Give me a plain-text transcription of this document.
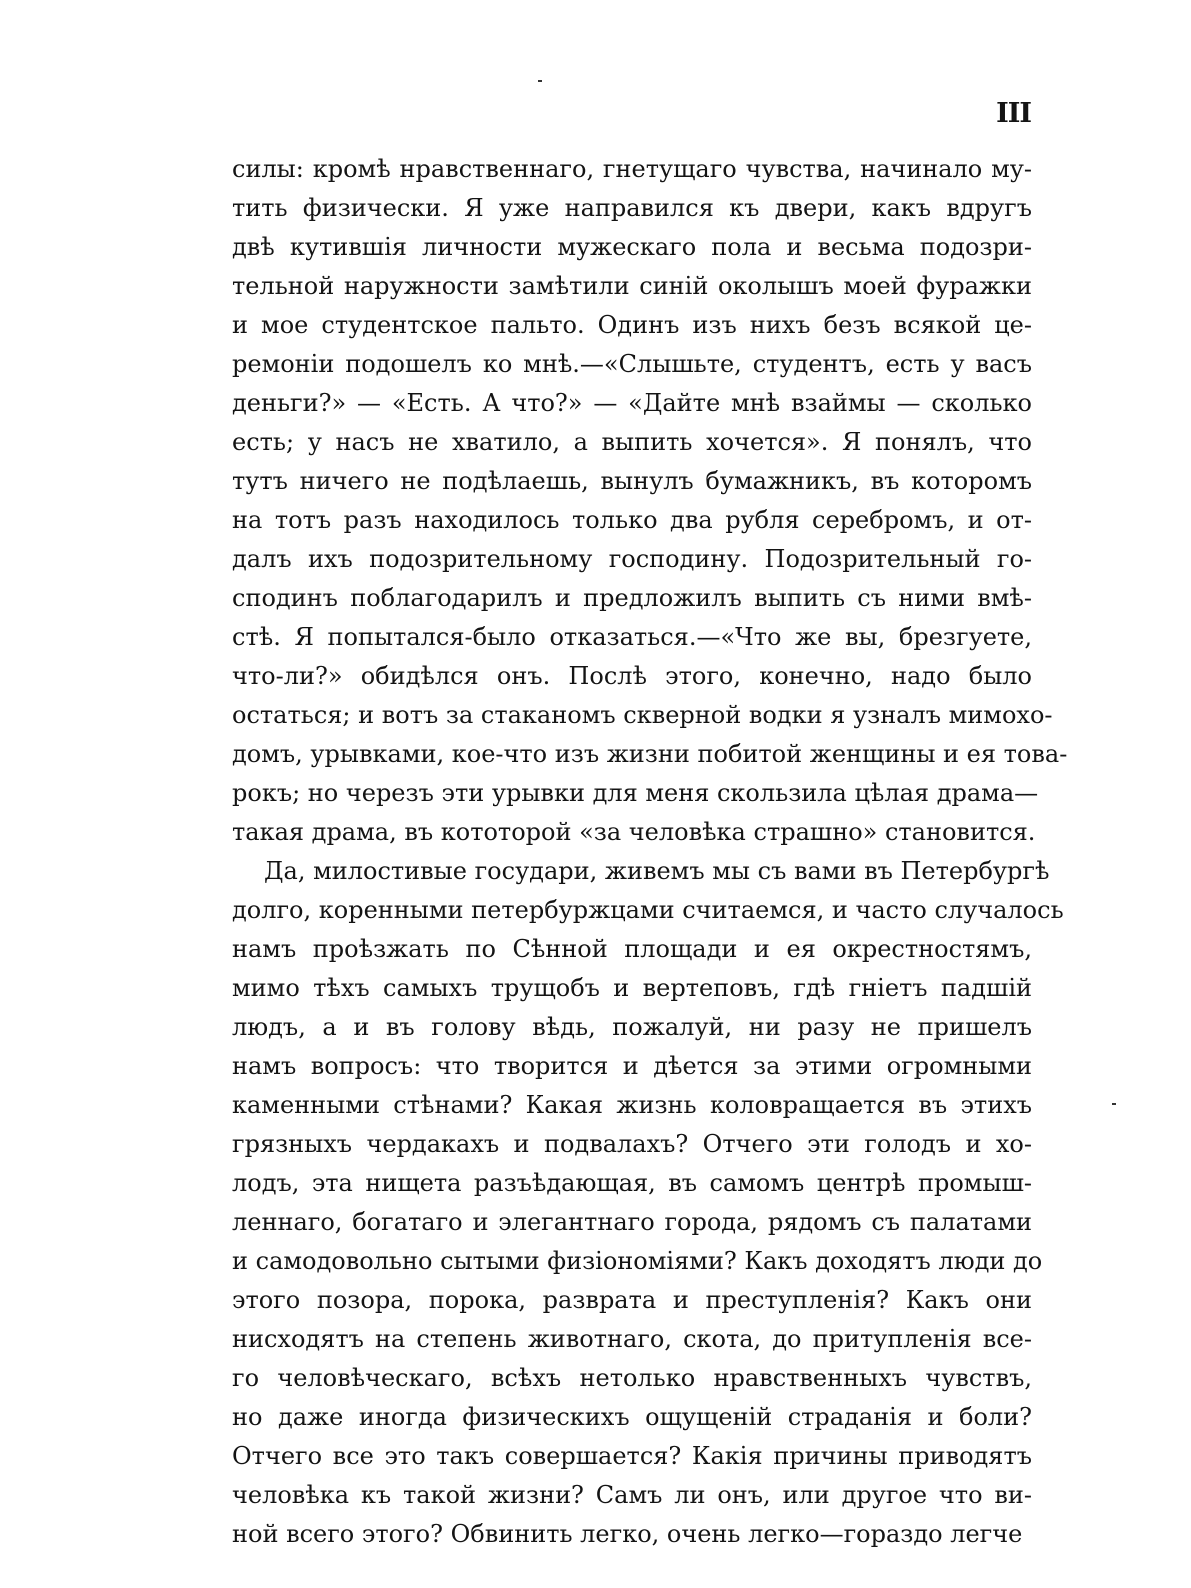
III
силы: кромѣ нравственнаго, гнетущаго чувства, начинало му-
тить физически. Я уже направился къ двери, какъ вдругъ
двѣ кутившія личности мужескаго пола и весьма подозри-
тельной наружности замѣтили синій околышъ моей фуражки
и мое студентское пальто. Одинъ изъ нихъ безъ всякой це-
ремоніи подошелъ ко мнѣ.—«Слышьте, студентъ, есть у васъ
деньги?» — «Есть. А что?» — «Дайте мнѣ взаймы — сколько
есть; у насъ не хватило, а выпить хочется». Я понялъ, что
тутъ ничего не подѣлаешь, вынулъ бумажникъ, въ которомъ
на тотъ разъ находилось только два рубля серебромъ, и от-
далъ ихъ подозрительному господину. Подозрительный го-
сподинъ поблагодарилъ и предложилъ выпить съ ними вмѣ-
стѣ. Я попытался-было отказаться.—«Что же вы, брезгуете,
что-ли?» обидѣлся онъ. Послѣ этого, конечно, надо было
остаться; и вотъ за стаканомъ скверной водки я узналъ мимохо-
домъ, урывками, кое-что изъ жизни побитой женщины и ея това-
рокъ; но черезъ эти урывки для меня скользила цѣлая драма—
такая драма, въ кототорой «за человѣка страшно» становится.
Да, милостивые государи, живемъ мы съ вами въ Петербургѣ
долго, коренными петербуржцами считаемся, и часто случалось
намъ проѣзжать по Сѣнной площади и ея окрестностямъ,
мимо тѣхъ самыхъ трущобъ и вертеповъ, гдѣ гніетъ падшій
людъ, а и въ голову вѣдь, пожалуй, ни разу не пришелъ
намъ вопросъ: что творится и дѣется за этими огромными
каменными стѣнами? Какая жизнь коловращается въ этихъ
грязныхъ чердакахъ и подвалахъ? Отчего эти голодъ и хо-
лодъ, эта нищета разъѣдающая, въ самомъ центрѣ промыш-
леннаго, богатаго и элегантнаго города, рядомъ съ палатами
и самодовольно сытыми физіономіями? Какъ доходятъ люди до
этого позора, порока, разврата и преступленія? Какъ они
нисходятъ на степень животнаго, скота, до притупленія все-
го человѣческаго, всѣхъ нетолько нравственныхъ чувствъ,
но даже иногда физическихъ ощущеній страданія и боли?
Отчего все это такъ совершается? Какія причины приводятъ
человѣка къ такой жизни? Самъ ли онъ, или другое что ви-
ной всего этого? Обвинить легко, очень легко—гораздо легче
